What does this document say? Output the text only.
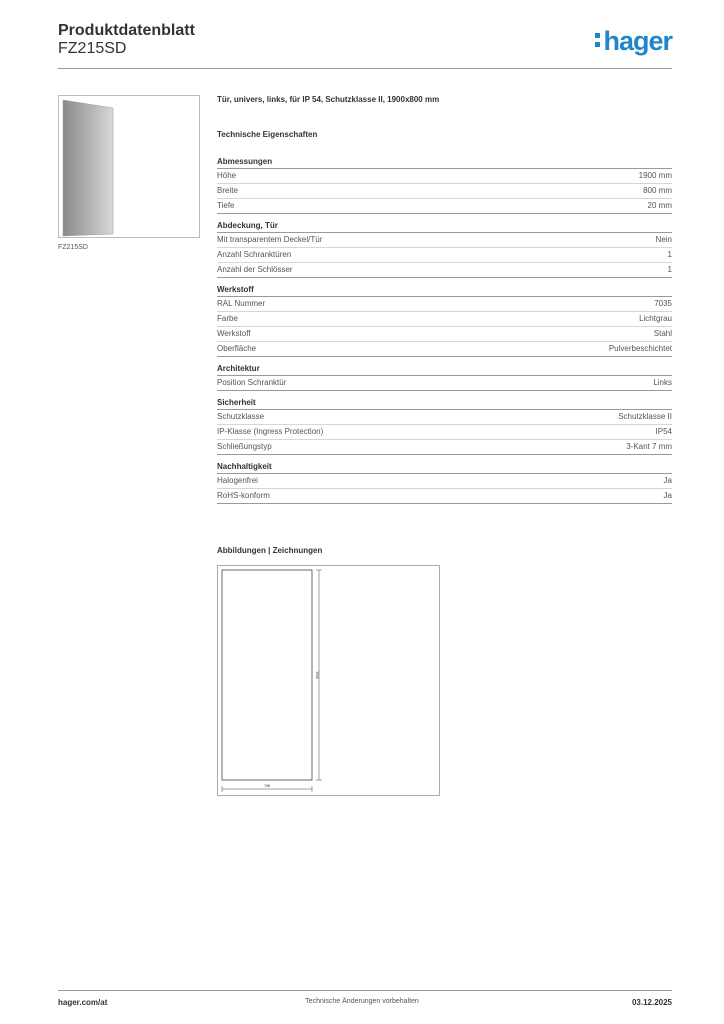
Produktdatenblatt
FZ215SD	hager
FZ215SD
Tür, univers, links, für IP 54, Schutzklasse II, 1900x800 mm
Technische Eigenschaften
Abmessungen
Höhe	1900 mm
Breite	800 mm
Tiefe	20 mm
Abdeckung, Tür
Mit transparentem Deckel/Tür	Nein
Anzahl Schranktüren	1
Anzahl der Schlösser	1
Werkstoff
RAL Nummer	7035
Farbe	Lichtgrau
Werkstoff	Stahl
Oberfläche	Pulverbeschichtet
Architektur
Position Schranktür	Links
Sicherheit
Schutzklasse	Schutzklasse II
IP-Klasse (Ingress Protection)	IP54
Schließungstyp	3-Kant 7 mm
Nachhaltigkeit
Halogenfrei	Ja
RoHS-konform	Ja
Abbildungen | Zeichnungen
1900
798
hager.com/at	Technische Änderungen vorbehalten	03.12.2025
